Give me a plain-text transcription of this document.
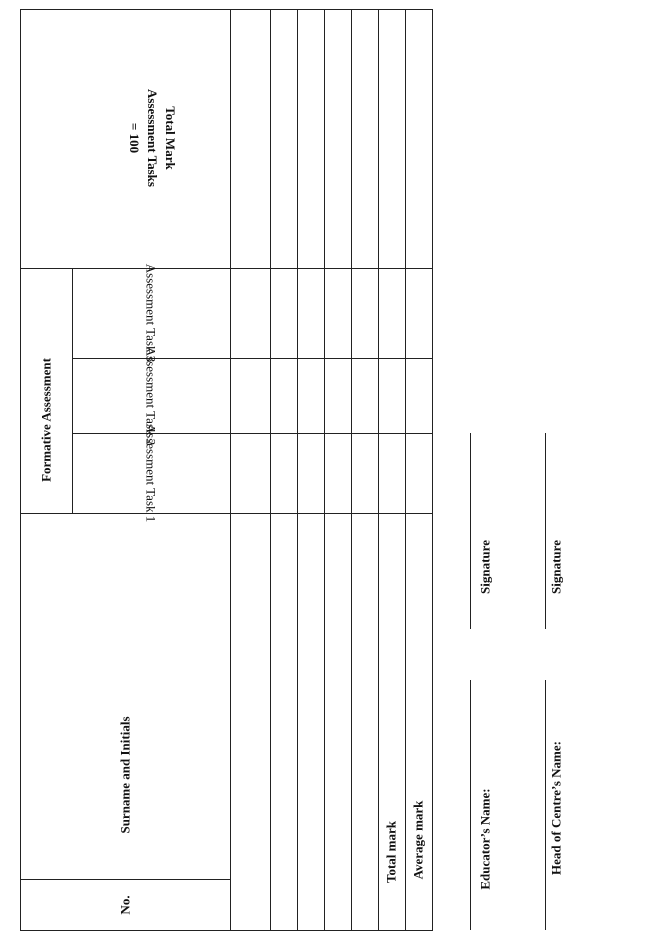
No.
Surname and Initials
Formative Assessment	Assessment Task 1
Assessment Task 2
Assessment Task 3
Total Mark
Assessment Tasks
= 100
Total mark Average mark	Educator’s Name:
Signature
Head of Centre’s Name:
Signature
